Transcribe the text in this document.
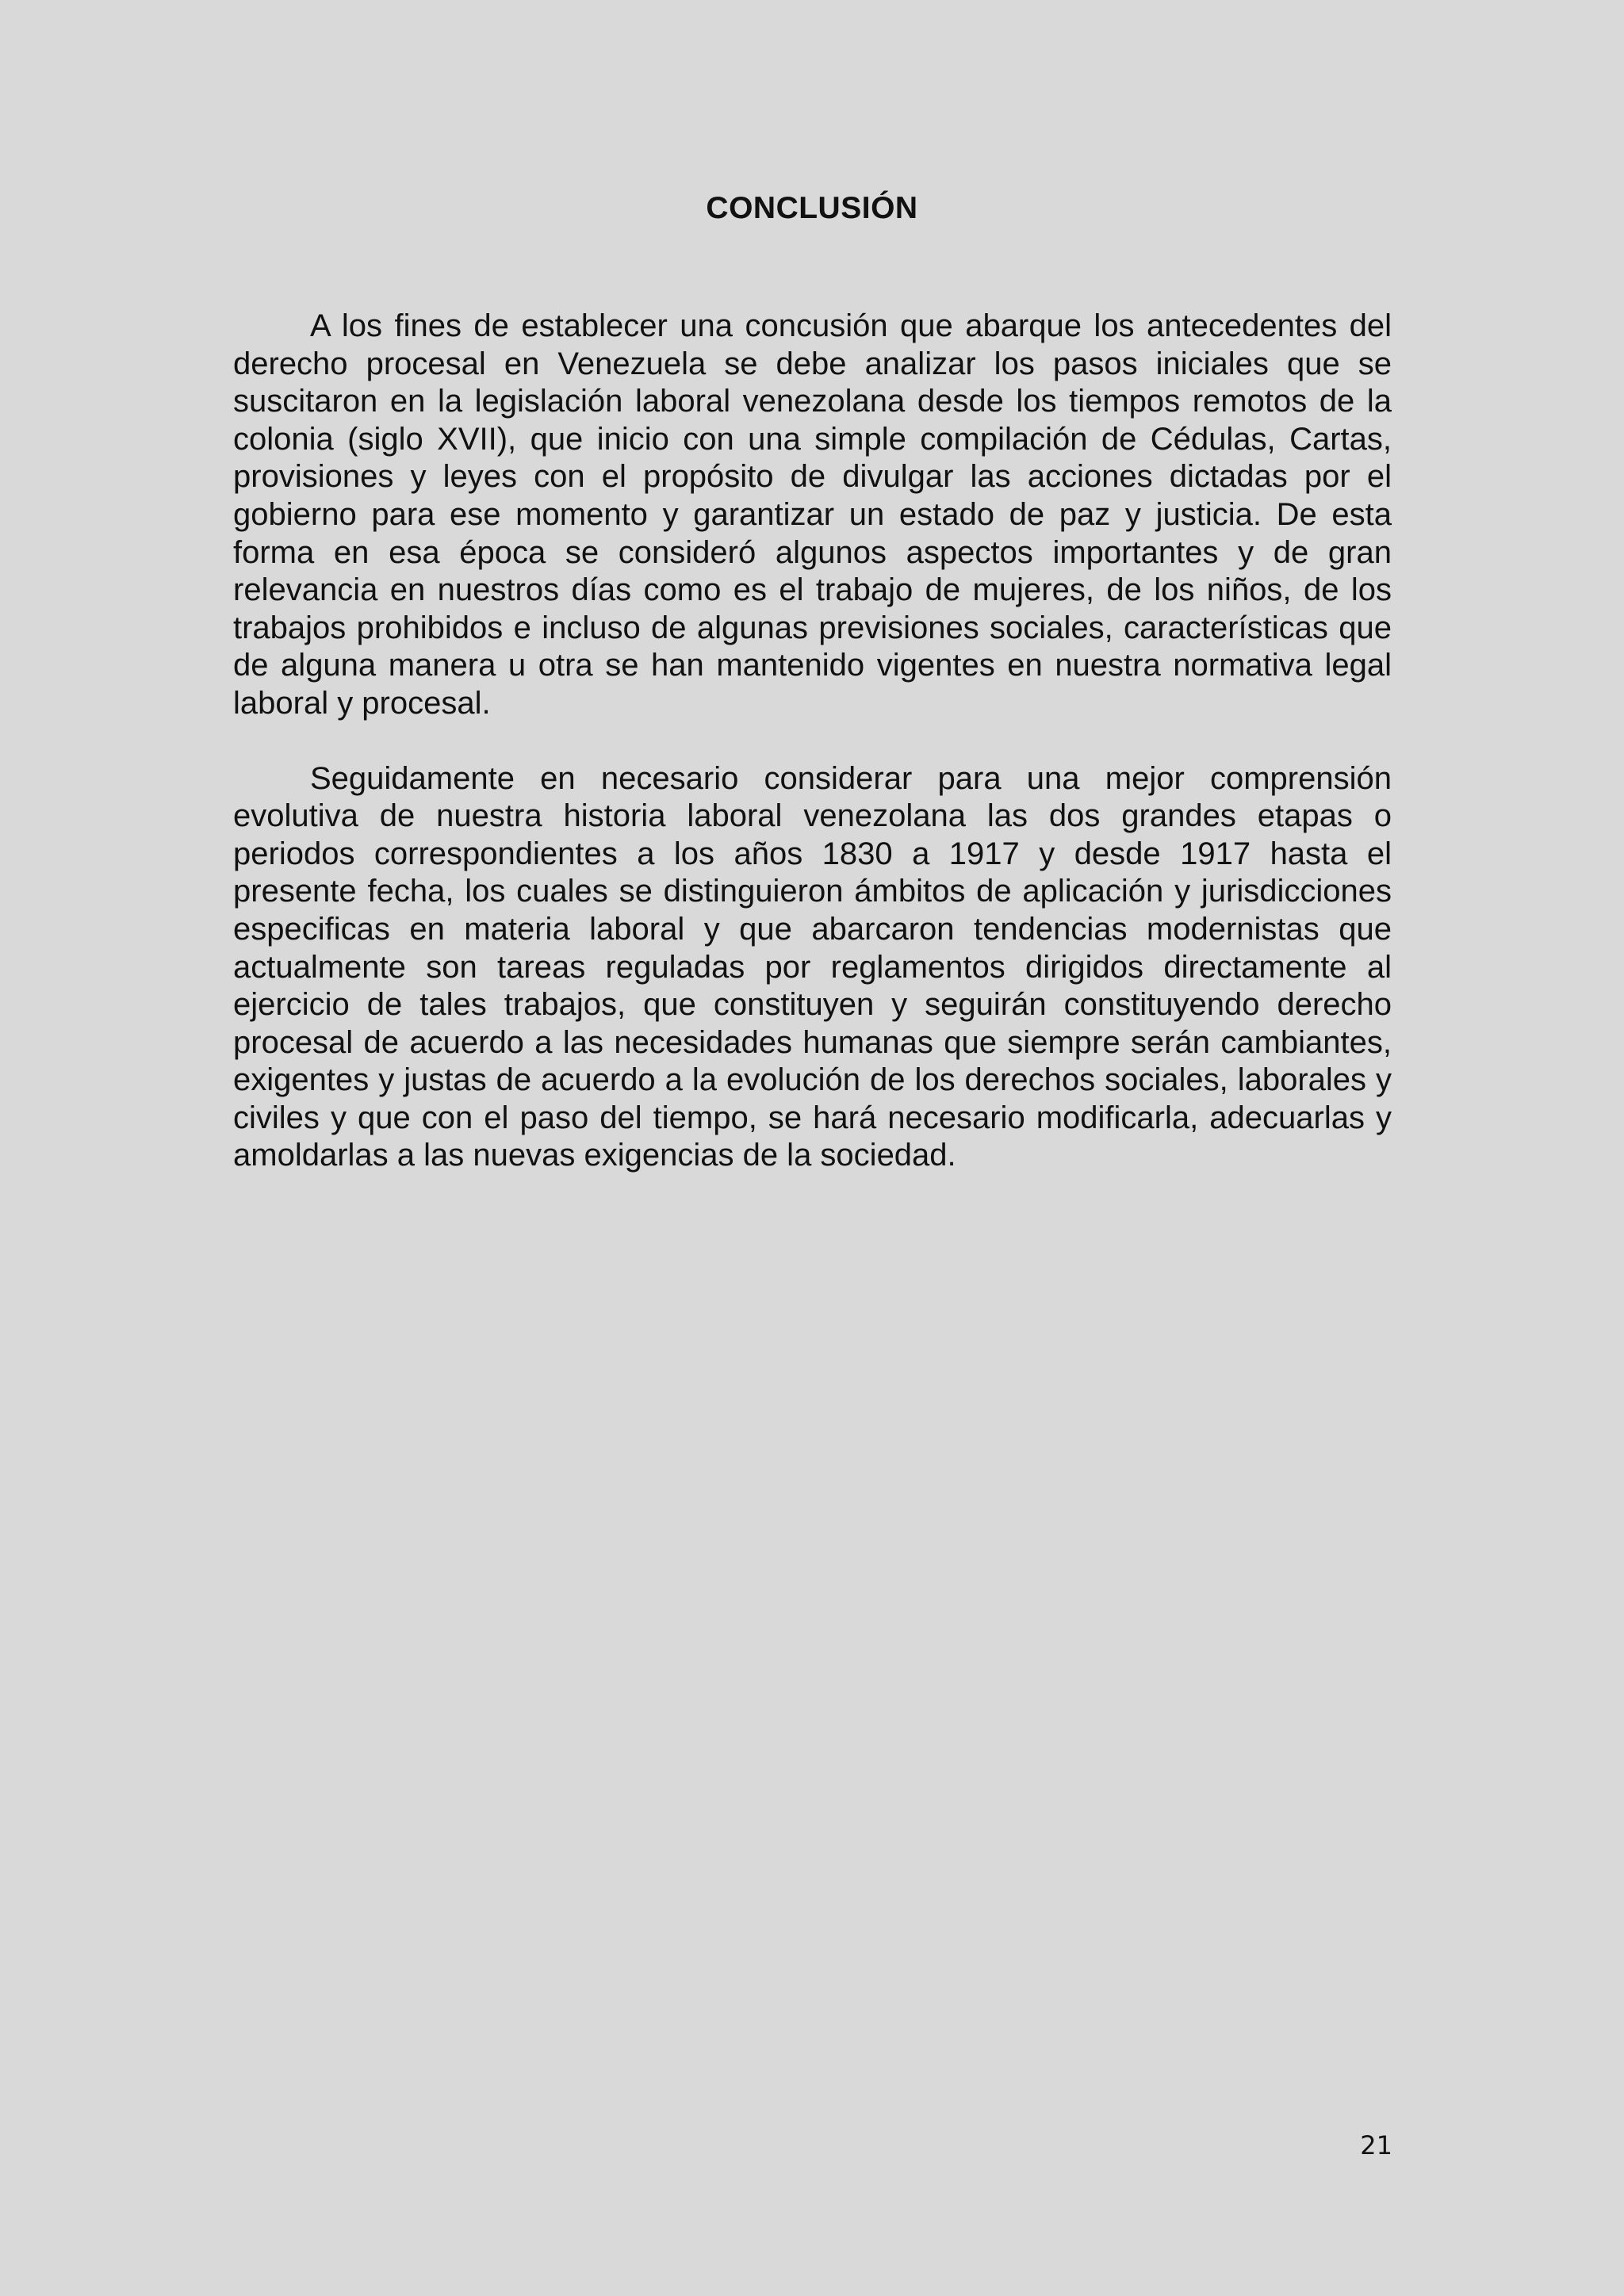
CONCLUSIÓN

A los fines de establecer una concusión que abarque los antecedentes del derecho procesal en Venezuela se debe analizar los pasos iniciales que se suscitaron en la legislación laboral venezolana desde los tiempos remotos de la colonia (siglo XVII), que inicio con una simple compilación de Cédulas, Cartas, provisiones y leyes con el propósito de divulgar las acciones dictadas por el gobierno para ese momento y garantizar un estado de paz y justicia. De esta forma en esa época se consideró algunos aspectos importantes y de gran relevancia en nuestros días como es el trabajo de mujeres, de los niños, de los trabajos prohibidos e incluso de algunas previsiones sociales, características que de alguna manera u otra se han mantenido vigentes en nuestra normativa legal laboral y procesal.

Seguidamente en necesario considerar para una mejor comprensión evolutiva de nuestra historia laboral venezolana las dos grandes etapas o periodos correspondientes a los años 1830 a 1917 y desde 1917 hasta el presente fecha, los cuales se distinguieron ámbitos de aplicación y jurisdicciones especificas en materia laboral y que abarcaron tendencias modernistas que actualmente son tareas reguladas por reglamentos dirigidos directamente al ejercicio de tales trabajos, que constituyen y seguirán constituyendo derecho procesal de acuerdo a las necesidades humanas que siempre serán cambiantes, exigentes y justas de acuerdo a la evolución de los derechos sociales, laborales y civiles y que con el paso del tiempo, se hará necesario modificarla, adecuarlas y amoldarlas a las nuevas exigencias de la sociedad.

21
